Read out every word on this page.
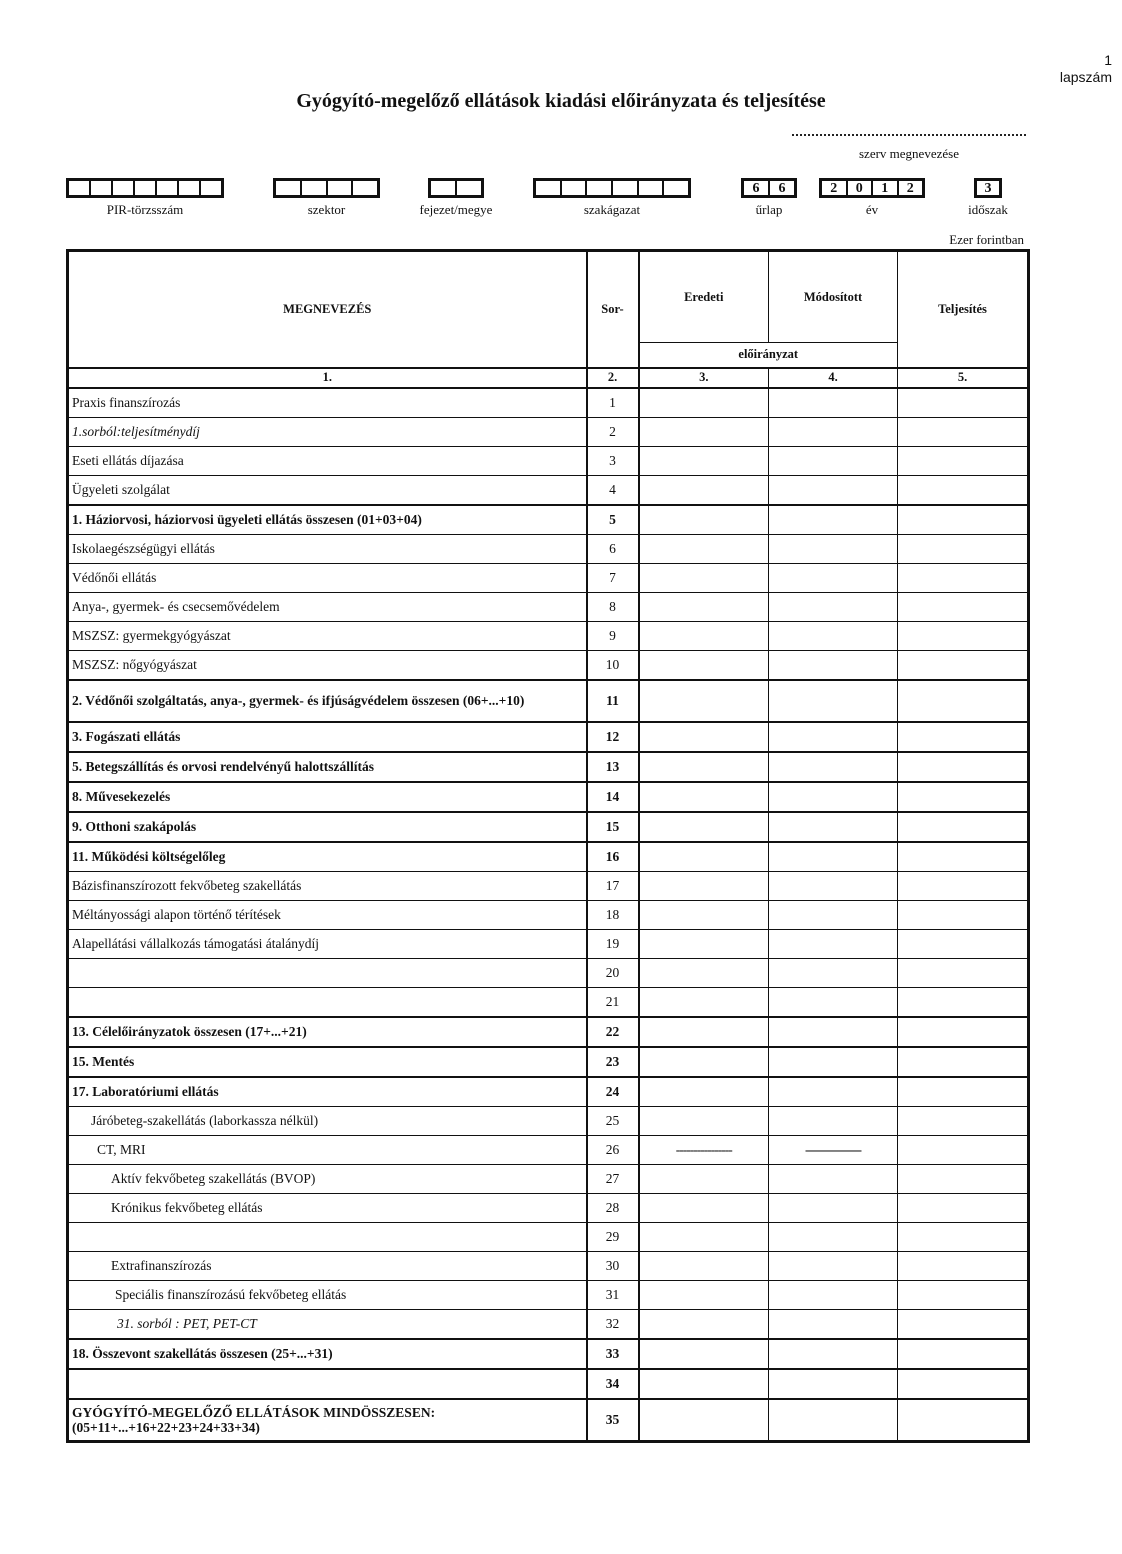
1
lapszám
Gyógyító-megelőző ellátások kiadási előirányzata és teljesítése
szerv megnevezése
PIR-törzsszám	szektor	fejezet/megye	szakágazat
6	6
űrlap
2	0	1	2
év
3
időszak
Ezer forintban
MEGNEVEZÉS	Sor-	Eredeti	Módosított	Teljesítés
		előirányzat		
1.	2.	3.	4.	5.
Praxis finanszírozás	1			
1.sorból:teljesítménydíj	2			
Eseti ellátás díjazása	3			
Ügyeleti szolgálat	4			
1. Háziorvosi, háziorvosi ügyeleti ellátás összesen (01+03+04)	5			
Iskolaegészségügyi ellátás	6			
Védőnői ellátás	7			
Anya-, gyermek- és csecsemővédelem	8			
MSZSZ: gyermekgyógyászat	9			
MSZSZ: nőgyógyászat	10			
2. Védőnői szolgáltatás, anya-, gyermek- és ifjúságvédelem összesen (06+...+10)	11			
3. Fogászati ellátás	12			
5. Betegszállítás és orvosi rendelvényű halottszállítás	13			
8. Művesekezelés	14			
9. Otthoni szakápolás	15			
11. Működési költségelőleg	16			
Bázisfinanszírozott fekvőbeteg szakellátás	17			
Méltányossági alapon történő térítések	18			
Alapellátási vállalkozás támogatási átalánydíj	19			
	20			
	21			
13. Célelőirányzatok összesen (17+...+21)	22			
15. Mentés	23			
17. Laboratóriumi ellátás	24			
Járóbeteg-szakellátás (laborkassza nélkül)	25			
CT, MRI	26	----------------	----------------	
Aktív fekvőbeteg szakellátás (BVOP)	27			
Krónikus fekvőbeteg ellátás	28			
	29			
Extrafinanszírozás	30			
Speciális finanszírozású fekvőbeteg ellátás	31			
31. sorból : PET, PET-CT	32			
18. Összevont szakellátás összesen (25+...+31)	33			
	34			
GYÓGYÍTÓ-MEGELŐZŐ ELLÁTÁSOK MINDÖSSZESEN: (05+11+...+16+22+23+24+33+34)	35			
